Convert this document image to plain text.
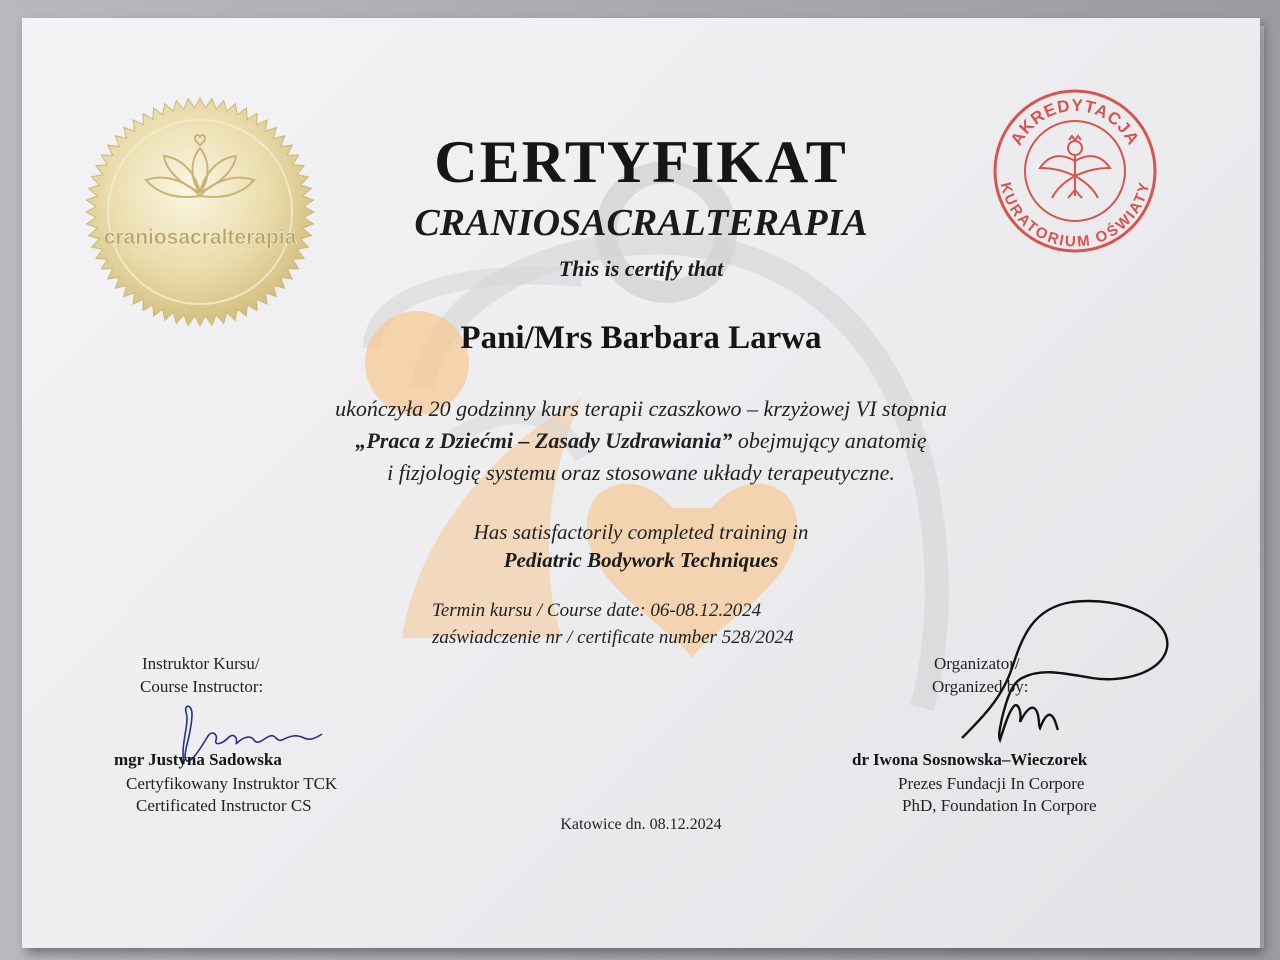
craniosacralterapia
AKREDYTACJA
KURATORIUM OŚWIATY
CERTYFIKAT
CRANIOSACRALTERAPIA
This is certify that
Pani/Mrs Barbara Larwa
ukończyła 20 godzinny kurs terapii czaszkowo – krzyżowej VI stopnia
„Praca z Dziećmi – Zasady Uzdrawiania” obejmujący anatomię
i fizjologię systemu oraz stosowane układy terapeutyczne.
Has satisfactorily completed training in
Pediatric Bodywork Techniques
Termin kursu / Course date: 06-08.12.2024
zaświadczenie nr / certificate number 528/2024
Instruktor Kursu/
Course Instructor:
mgr Justyna Sadowska
Certyfikowany Instruktor TCK
Certificated Instructor CS
Organizator/
Organized by:
dr Iwona Sosnowska–Wieczorek
Prezes Fundacji In Corpore
PhD, Foundation In Corpore
Katowice dn. 08.12.2024
